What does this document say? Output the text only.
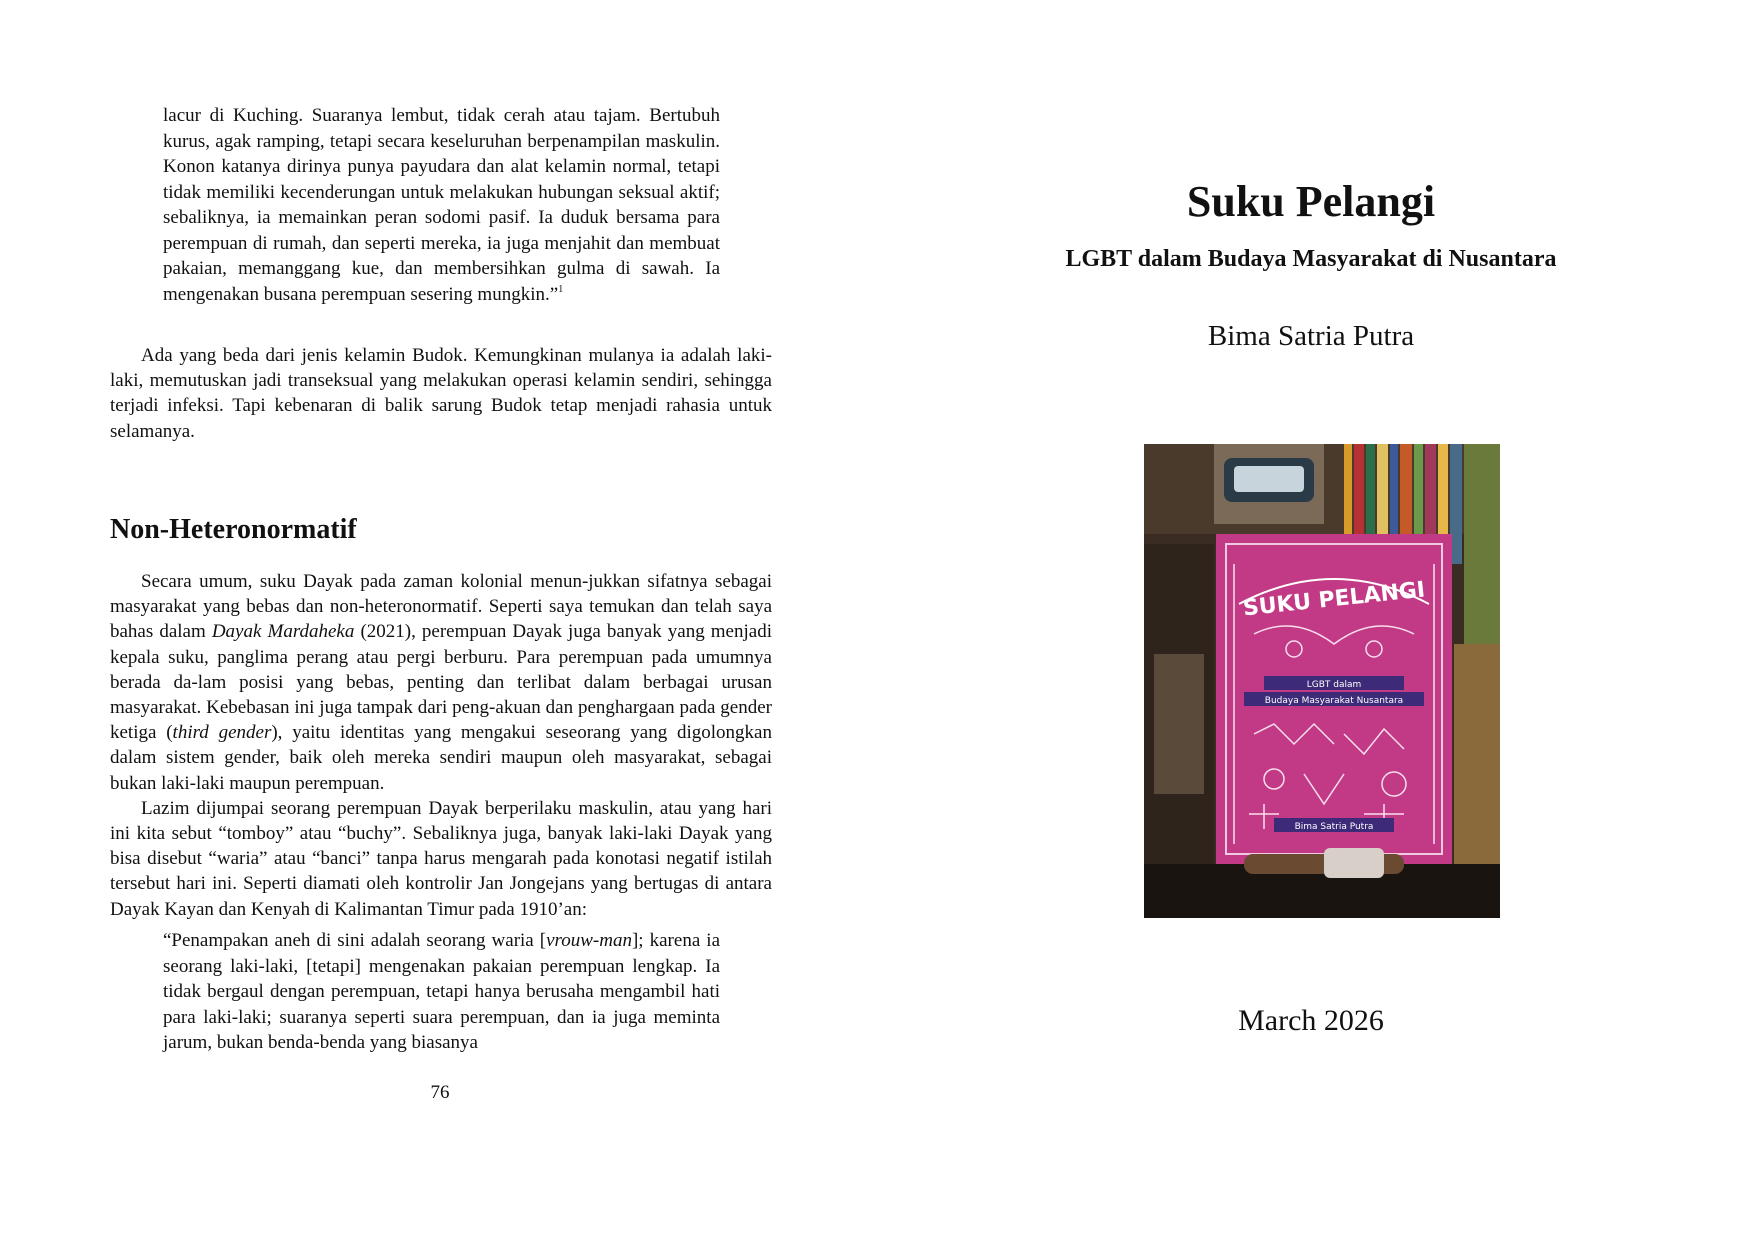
lacur di Kuching. Suaranya lembut, tidak cerah atau tajam. Bertubuh kurus, agak ramping, tetapi secara keseluruhan berpenampilan maskulin. Konon katanya dirinya punya payudara dan alat kelamin normal, tetapi tidak memiliki kecenderungan untuk melakukan hubungan seksual aktif; sebaliknya, ia memainkan peran sodomi pasif. Ia duduk bersama para perempuan di rumah, dan seperti mereka, ia juga menjahit dan membuat pakaian, memanggang kue, dan membersihkan gulma di sawah. Ia mengenakan busana perempuan sesering mungkin.”$^1$

Ada yang beda dari jenis kelamin Budok. Kemungkinan mulanya ia adalah laki-laki, memutuskan jadi transeksual yang melakukan operasi kelamin sendiri, sehingga terjadi infeksi. Tapi kebenaran di balik sarung Budok tetap menjadi rahasia untuk selamanya.

Non-Heteronormatif

Secara umum, suku Dayak pada zaman kolonial menun-jukkan sifatnya sebagai masyarakat yang bebas dan non-heteronormatif. Seperti saya temukan dan telah saya bahas dalam Dayak Mardaheka (2021), perempuan Dayak juga banyak yang menjadi kepala suku, panglima perang atau pergi berburu. Para perempuan pada umumnya berada da-lam posisi yang bebas, penting dan terlibat dalam berbagai urusan masyarakat. Kebebasan ini juga tampak dari peng-akuan dan penghargaan pada gender ketiga (third gender), yaitu identitas yang mengakui seseorang yang digolongkan dalam sistem gender, baik oleh mereka sendiri maupun oleh masyarakat, sebagai bukan laki-laki maupun perempuan.

Lazim dijumpai seorang perempuan Dayak berperilaku maskulin, atau yang hari ini kita sebut “tomboy” atau “buchy”. Sebaliknya juga, banyak laki-laki Dayak yang bisa disebut “waria” atau “banci” tanpa harus mengarah pada konotasi negatif istilah tersebut hari ini. Seperti diamati oleh kontrolir Jan Jongejans yang bertugas di antara Dayak Kayan dan Kenyah di Kalimantan Timur pada 1910’an:

“Penampakan aneh di sini adalah seorang waria [vrouw-man]; karena ia seorang laki-laki, [tetapi] mengenakan pakaian perempuan lengkap. Ia tidak bergaul dengan perempuan, tetapi hanya berusaha mengambil hati para laki-laki; suaranya seperti suara perempuan, dan ia juga meminta jarum, bukan benda-benda yang biasanya

76
Suku Pelangi
LGBT dalam Budaya Masyarakat di Nusantara
Bima Satria Putra
SUKU PELANGI
LGBT dalam
Budaya Masyarakat Nusantara
Bima Satria Putra
March 2026
